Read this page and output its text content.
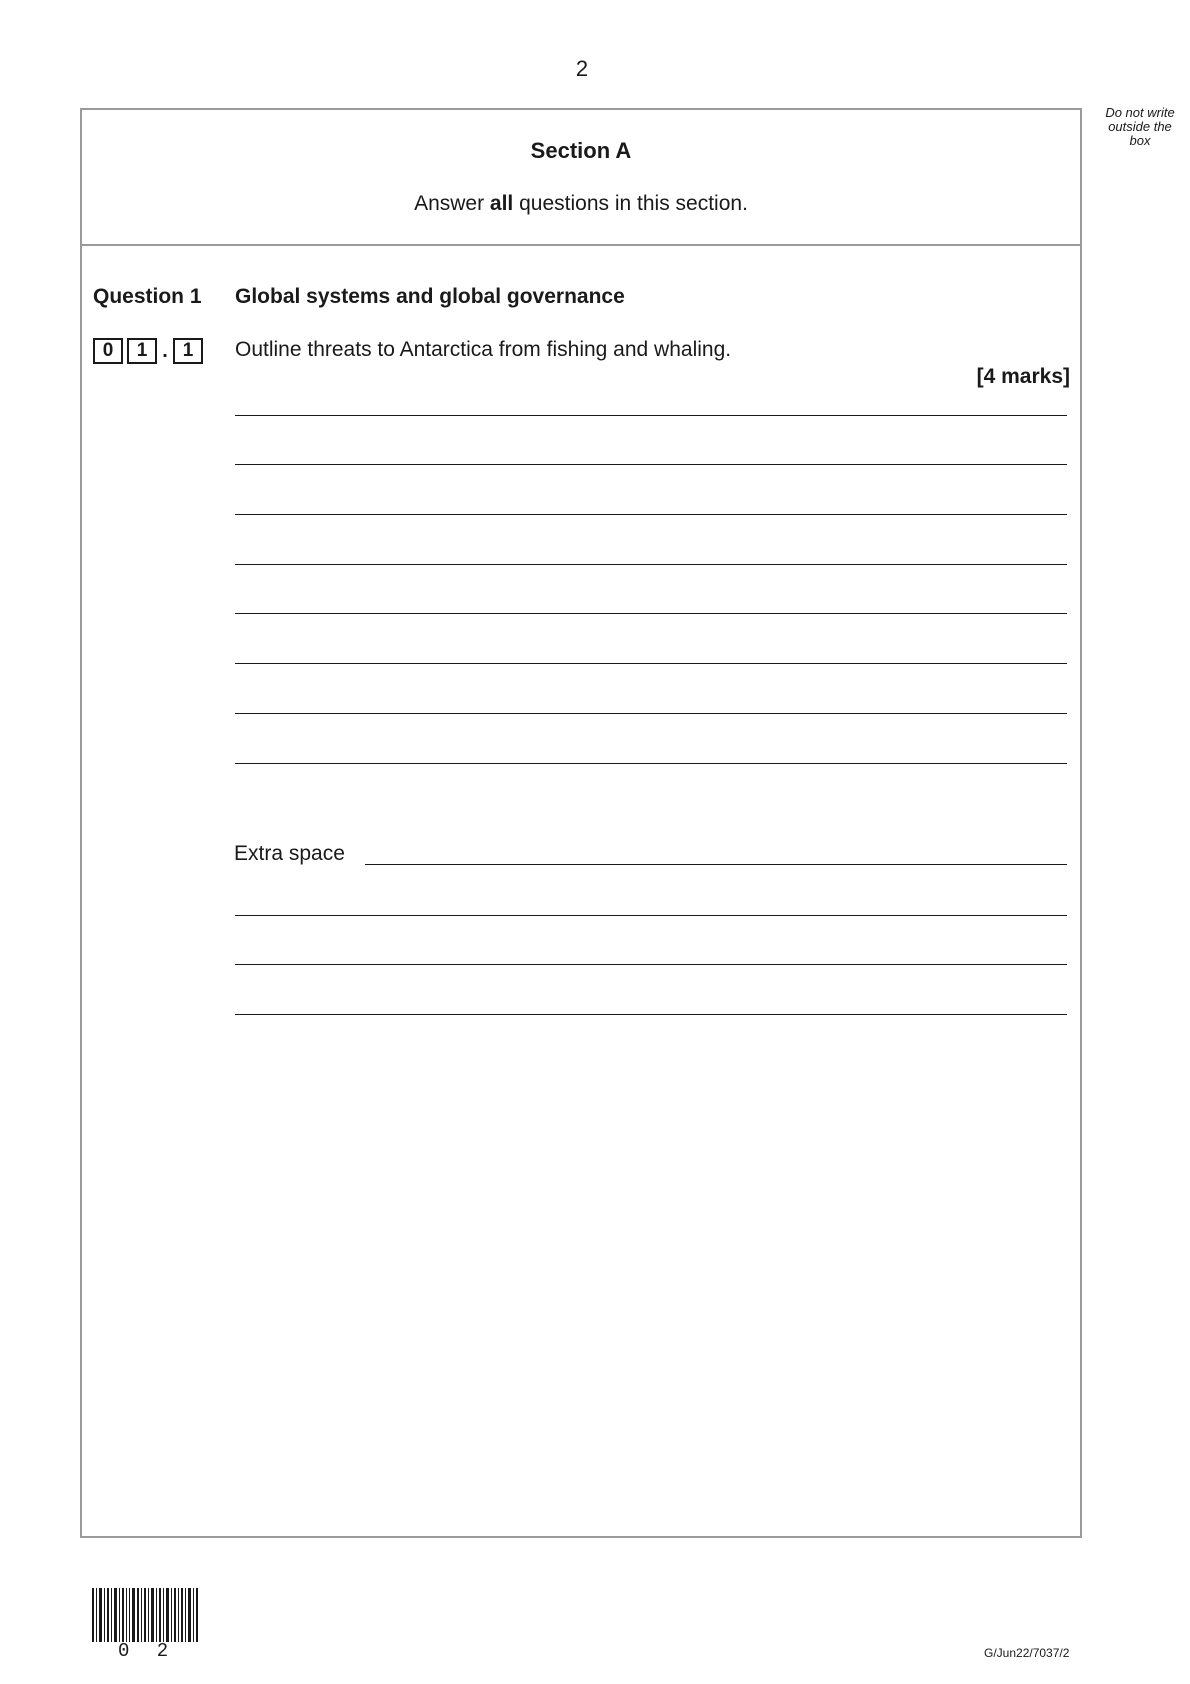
2
Do not write
outside the
box
Section A
Answer all questions in this section.
Question 1 Global systems and global governance
0	1 . 1	Outline threats to Antarctica from fishing and whaling.
[4 marks]
Extra space
0 2	G/Jun22/7037/2
